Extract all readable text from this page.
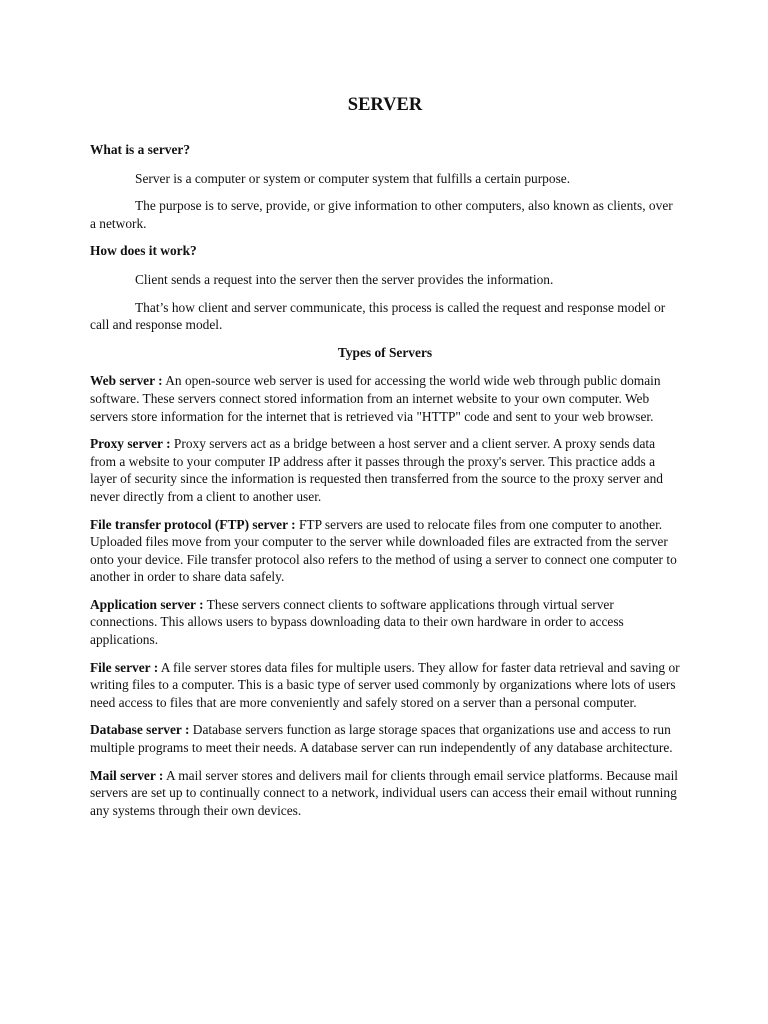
SERVER
What is a server?

Server is a computer or system or computer system that fulfills a certain purpose.

The purpose is to serve, provide, or give information to other computers, also known as clients, over a network.

How does it work?

Client sends a request into the server then the server provides the information.

That’s how client and server communicate, this process is called the request and response model or call and response model.

Types of Servers

Web server : An open-source web server is used for accessing the world wide web through public domain software. These servers connect stored information from an internet website to your own computer. Web servers store information for the internet that is retrieved via "HTTP" code and sent to your web browser.

Proxy server : Proxy servers act as a bridge between a host server and a client server. A proxy sends data from a website to your computer IP address after it passes through the proxy's server. This practice adds a layer of security since the information is requested then transferred from the source to the proxy server and never directly from a client to another user.

File transfer protocol (FTP) server : FTP servers are used to relocate files from one computer to another. Uploaded files move from your computer to the server while downloaded files are extracted from the server onto your device. File transfer protocol also refers to the method of using a server to connect one computer to another in order to share data safely.

Application server : These servers connect clients to software applications through virtual server connections. This allows users to bypass downloading data to their own hardware in order to access applications.

File server : A file server stores data files for multiple users. They allow for faster data retrieval and saving or writing files to a computer. This is a basic type of server used commonly by organizations where lots of users need access to files that are more conveniently and safely stored on a server than a personal computer.

Database server : Database servers function as large storage spaces that organizations use and access to run multiple programs to meet their needs. A database server can run independently of any database architecture.

Mail server : A mail server stores and delivers mail for clients through email service platforms. Because mail servers are set up to continually connect to a network, individual users can access their email without running any systems through their own devices.
